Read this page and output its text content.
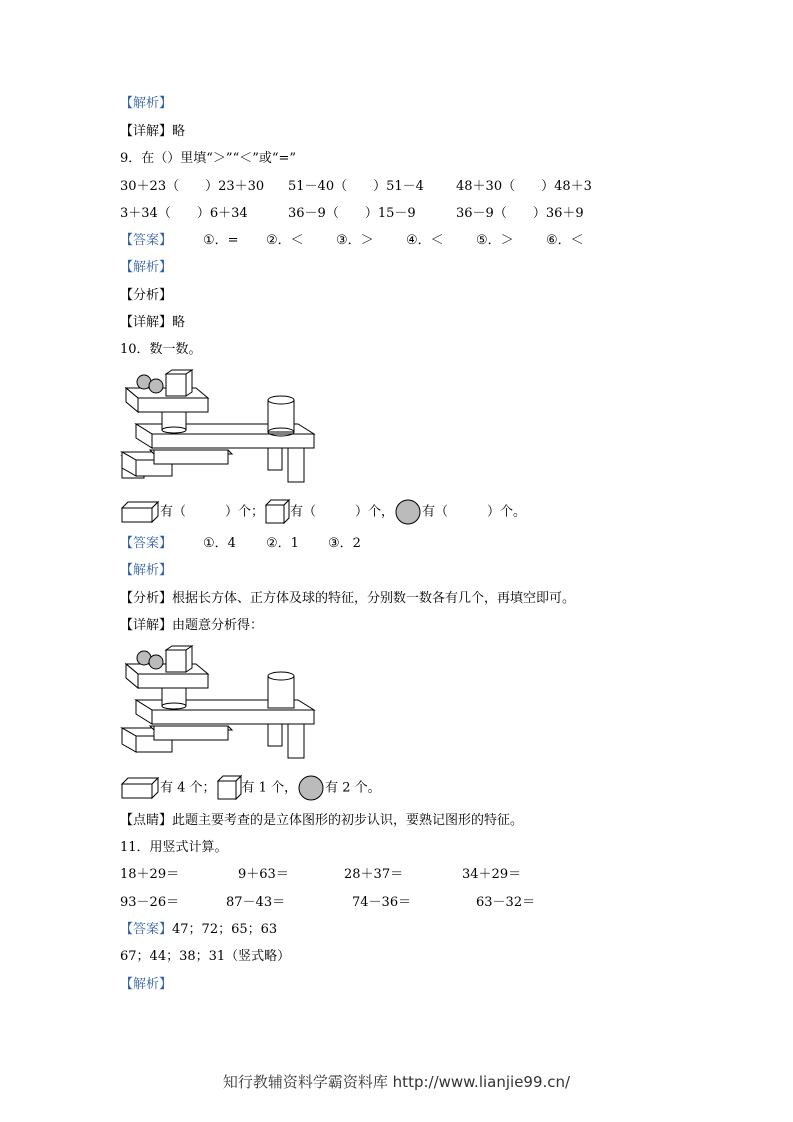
【解析】
【详解】略
9．在（）里填“＞”“＜”或“=”
30＋23（　　）23＋30 51－40（　　）51－4 48＋30（　　）48＋3
3＋34（　　）6＋34	36－9（　　）15－9	36－9（　　）36＋9
【答案】 ①．= ②．＜ ③．＞ ④．＜ ⑤．＞ ⑥．＜
【解析】
【分析】
【详解】略
10．数一数。
有（　　　）个； 有（　　　）个， 有（　　　）个。
【答案】 ①．4 ②．1 ③．2
【解析】
【分析】根据长方体、正方体及球的特征，分别数一数各有几个，再填空即可。
【详解】由题意分析得：
有 4 个； 有 1 个， 有 2 个。
【点睛】此题主要考查的是立体图形的初步认识，要熟记图形的特征。
11．用竖式计算。
18＋29＝	9＋63＝	28＋37＝	34＋29＝
93－26＝	87－43＝	74－36＝	63－32＝
【答案】47；72；65；63
67；44；38；31（竖式略）
【解析】
知行教辅资料学霸资料库 http://www.lianjie99.cn/
